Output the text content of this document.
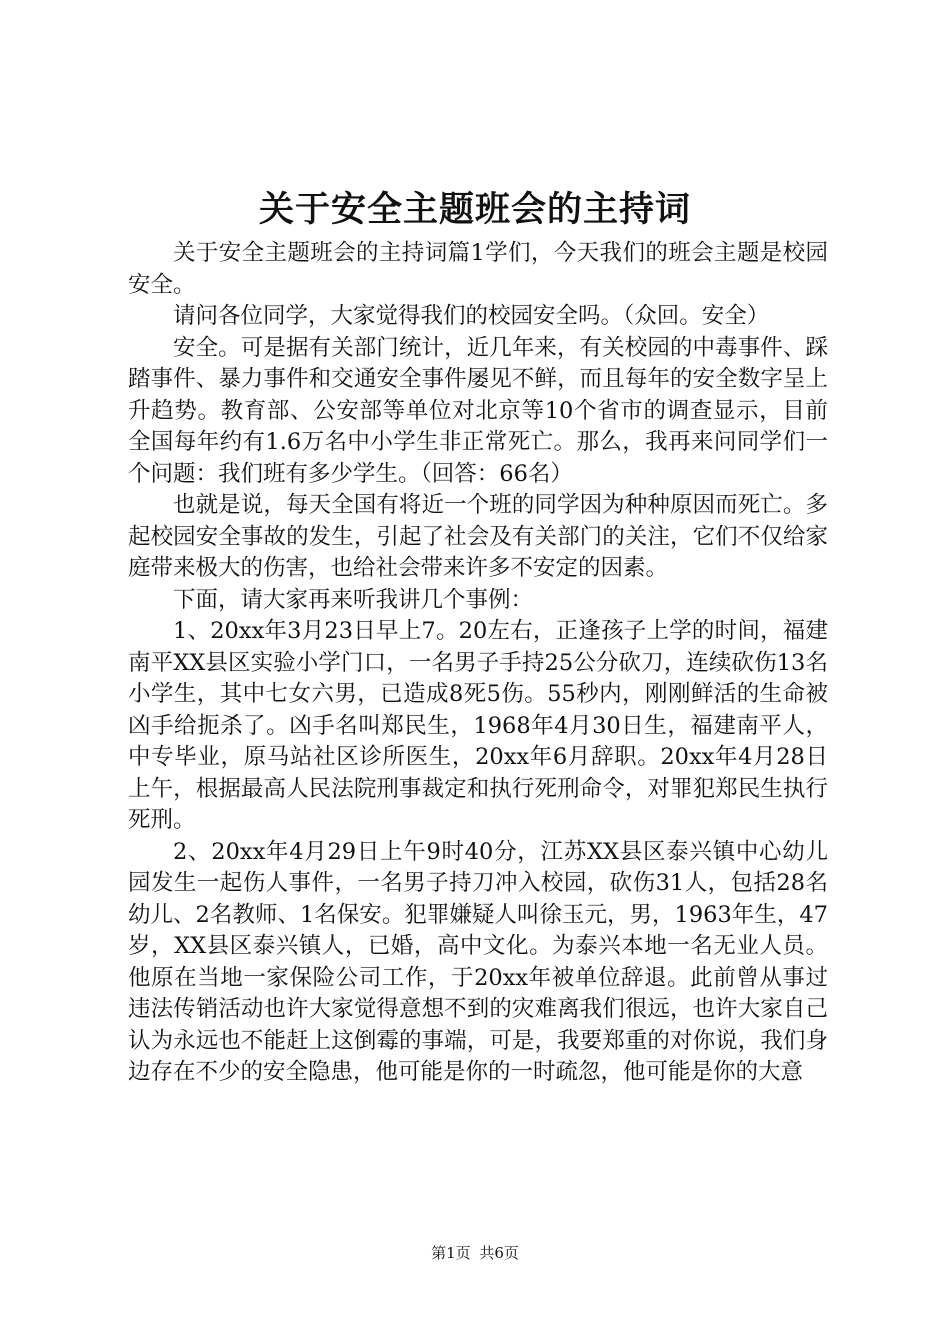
关于安全主题班会的主持词

关于安全主题班会的主持词篇1学们，今天我们的班会主题是校园安全。

请问各位同学，大家觉得我们的校园安全吗。（众回。安全）

安全。可是据有关部门统计，近几年来，有关校园的中毒事件、踩踏事件、暴力事件和交通安全事件屡见不鲜，而且每年的安全数字呈上升趋势。教育部、公安部等单位对北京等10个省市的调查显示，目前全国每年约有1.6万名中小学生非正常死亡。那么，我再来问同学们一个问题：我们班有多少学生。（回答：66名）

也就是说，每天全国有将近一个班的同学因为种种原因而死亡。多起校园安全事故的发生，引起了社会及有关部门的关注，它们不仅给家庭带来极大的伤害，也给社会带来许多不安定的因素。

下面，请大家再来听我讲几个事例：

1、20xx年3月23日早上7。20左右，正逢孩子上学的时间，福建南平XX县区实验小学门口，一名男子手持25公分砍刀，连续砍伤13名小学生，其中七女六男，已造成8死5伤。55秒内，刚刚鲜活的生命被凶手给扼杀了。凶手名叫郑民生，1968年4月30日生，福建南平人，中专毕业，原马站社区诊所医生，20xx年6月辞职。20xx年4月28日上午，根据最高人民法院刑事裁定和执行死刑命令，对罪犯郑民生执行死刑。

2、20xx年4月29日上午9时40分，江苏XX县区泰兴镇中心幼儿园发生一起伤人事件，一名男子持刀冲入校园，砍伤31人，包括28名幼儿、2名教师、1名保安。犯罪嫌疑人叫徐玉元，男，1963年生，47岁，XX县区泰兴镇人，已婚，高中文化。为泰兴本地一名无业人员。他原在当地一家保险公司工作，于20xx年被单位辞退。此前曾从事过违法传销活动也许大家觉得意想不到的灾难离我们很远，也许大家自己认为永远也不能赶上这倒霉的事端，可是，我要郑重的对你说，我们身边存在不少的安全隐患，他可能是你的一时疏忽，他可能是你的大意

第1页 共6页
